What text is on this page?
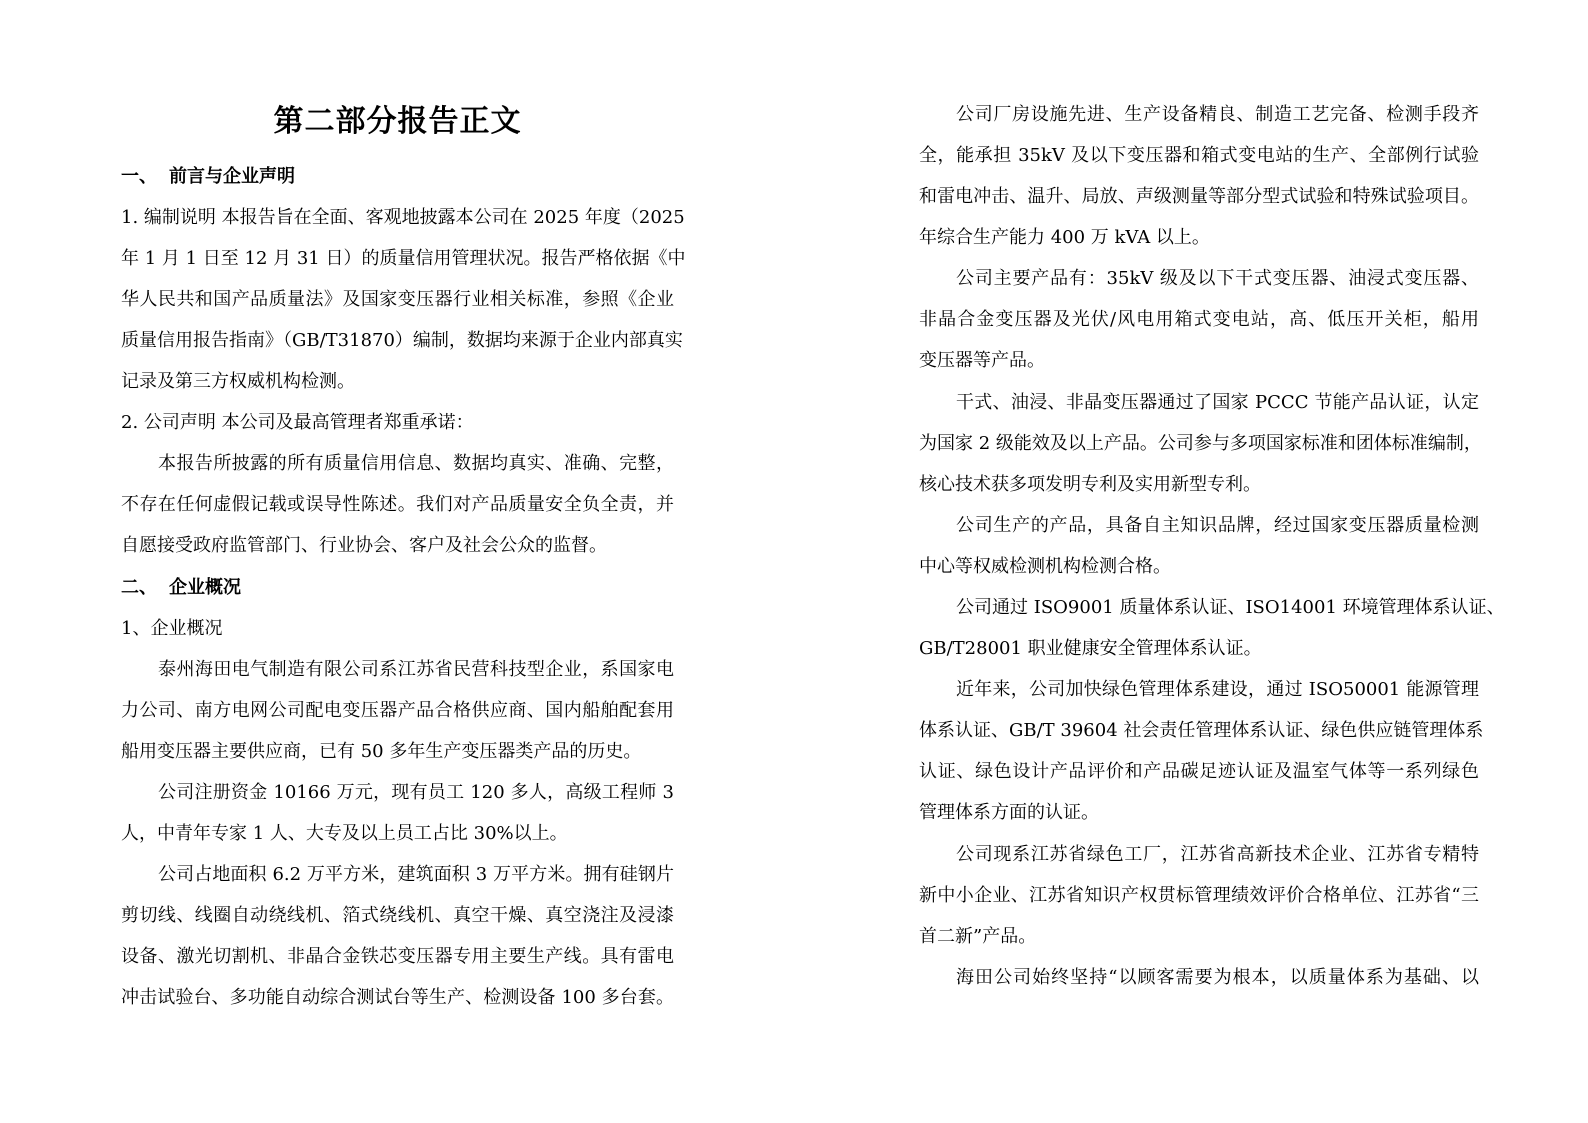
第二部分报告正文
一、 前言与企业声明
1. 编制说明 本报告旨在全面、客观地披露本公司在 2025 年度（2025
年 1 月 1 日至 12 月 31 日）的质量信用管理状况。报告严格依据《中
华人民共和国产品质量法》及国家变压器行业相关标准，参照《企业
质量信用报告指南》（GB/T31870）编制，数据均来源于企业内部真实
记录及第三方权威机构检测。
2. 公司声明 本公司及最高管理者郑重承诺：
本报告所披露的所有质量信用信息、数据均真实、准确、完整，
不存在任何虚假记载或误导性陈述。我们对产品质量安全负全责，并
自愿接受政府监管部门、行业协会、客户及社会公众的监督。
二、 企业概况
1、企业概况
泰州海田电气制造有限公司系江苏省民营科技型企业，系国家电
力公司、南方电网公司配电变压器产品合格供应商、国内船舶配套用
船用变压器主要供应商，已有 50 多年生产变压器类产品的历史。
公司注册资金 10166 万元，现有员工 120 多人，高级工程师 3
人，中青年专家 1 人、大专及以上员工占比 30%以上。
公司占地面积 6.2 万平方米，建筑面积 3 万平方米。拥有硅钢片
剪切线、线圈自动绕线机、箔式绕线机、真空干燥、真空浇注及浸漆
设备、激光切割机、非晶合金铁芯变压器专用主要生产线。具有雷电
冲击试验台、多功能自动综合测试台等生产、检测设备 100 多台套。
公司厂房设施先进、生产设备精良、制造工艺完备、检测手段齐
全，能承担 35kV 及以下变压器和箱式变电站的生产、全部例行试验
和雷电冲击、温升、局放、声级测量等部分型式试验和特殊试验项目。
年综合生产能力 400 万 kVA 以上。
公司主要产品有：35kV 级及以下干式变压器、油浸式变压器、
非晶合金变压器及光伏/风电用箱式变电站，高、低压开关柜，船用
变压器等产品。
干式、油浸、非晶变压器通过了国家 PCCC 节能产品认证，认定
为国家 2 级能效及以上产品。公司参与多项国家标准和团体标准编制，
核心技术获多项发明专利及实用新型专利。
公司生产的产品，具备自主知识品牌，经过国家变压器质量检测
中心等权威检测机构检测合格。
公司通过 ISO9001 质量体系认证、ISO14001 环境管理体系认证、
GB/T28001 职业健康安全管理体系认证。
近年来，公司加快绿色管理体系建设，通过 ISO50001 能源管理
体系认证、GB/T 39604 社会责任管理体系认证、绿色供应链管理体系
认证、绿色设计产品评价和产品碳足迹认证及温室气体等一系列绿色
管理体系方面的认证。
公司现系江苏省绿色工厂，江苏省高新技术企业、江苏省专精特
新中小企业、江苏省知识产权贯标管理绩效评价合格单位、江苏省“三
首二新”产品。
海田公司始终坚持“以顾客需要为根本，以质量体系为基础、以
